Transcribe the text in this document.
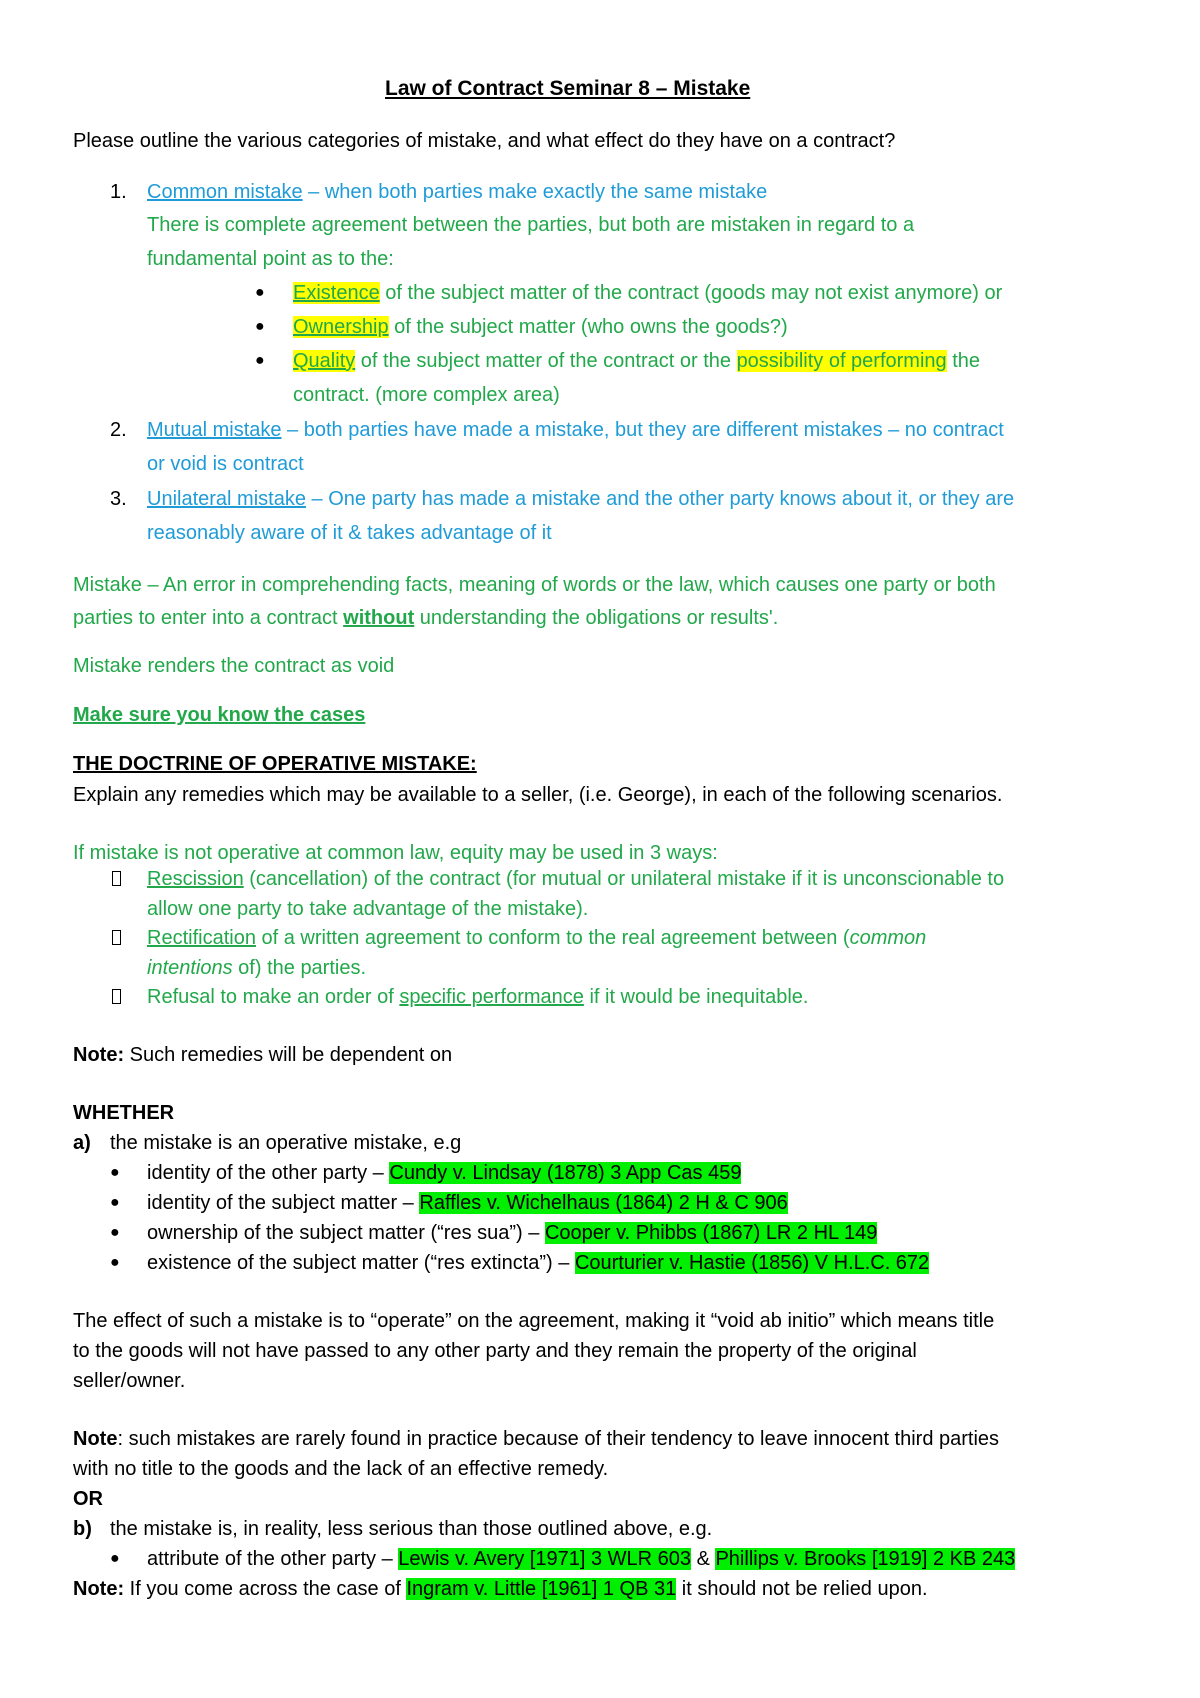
Law of Contract Seminar 8 – Mistake
Please outline the various categories of mistake, and what effect do they have on a contract?
1. Common mistake – when both parties make exactly the same mistake
There is complete agreement between the parties, but both are mistaken in regard to a
fundamental point as to the:
● Existence of the subject matter of the contract (goods may not exist anymore) or
● Ownership of the subject matter (who owns the goods?)
● Quality of the subject matter of the contract or the possibility of performing the
contract. (more complex area)
2. Mutual mistake – both parties have made a mistake, but they are different mistakes – no contract
or void is contract
3. Unilateral mistake – One party has made a mistake and the other party knows about it, or they are
reasonably aware of it & takes advantage of it
Mistake – An error in comprehending facts, meaning of words or the law, which causes one party or both
parties to enter into a contract without understanding the obligations or results'.
Mistake renders the contract as void
Make sure you know the cases
THE DOCTRINE OF OPERATIVE MISTAKE:
Explain any remedies which may be available to a seller, (i.e. George), in each of the following scenarios.
If mistake is not operative at common law, equity may be used in 3 ways:
Rescission (cancellation) of the contract (for mutual or unilateral mistake if it is unconscionable to
allow one party to take advantage of the mistake).
Rectification of a written agreement to conform to the real agreement between (common
intentions of) the parties.
Refusal to make an order of specific performance if it would be inequitable.
Note: Such remedies will be dependent on
WHETHER
a) the mistake is an operative mistake, e.g
● identity of the other party – Cundy v. Lindsay (1878) 3 App Cas 459
● identity of the subject matter – Raffles v. Wichelhaus (1864) 2 H & C 906
● ownership of the subject matter (“res sua”) – Cooper v. Phibbs (1867) LR 2 HL 149
● existence of the subject matter (“res extincta”) – Courturier v. Hastie (1856) V H.L.C. 672
The effect of such a mistake is to “operate” on the agreement, making it “void ab initio” which means title
to the goods will not have passed to any other party and they remain the property of the original
seller/owner.
Note: such mistakes are rarely found in practice because of their tendency to leave innocent third parties
with no title to the goods and the lack of an effective remedy.
OR
b) the mistake is, in reality, less serious than those outlined above, e.g.
● attribute of the other party – Lewis v. Avery [1971] 3 WLR 603 & Phillips v. Brooks [1919] 2 KB 243
Note: If you come across the case of Ingram v. Little [1961] 1 QB 31 it should not be relied upon.
